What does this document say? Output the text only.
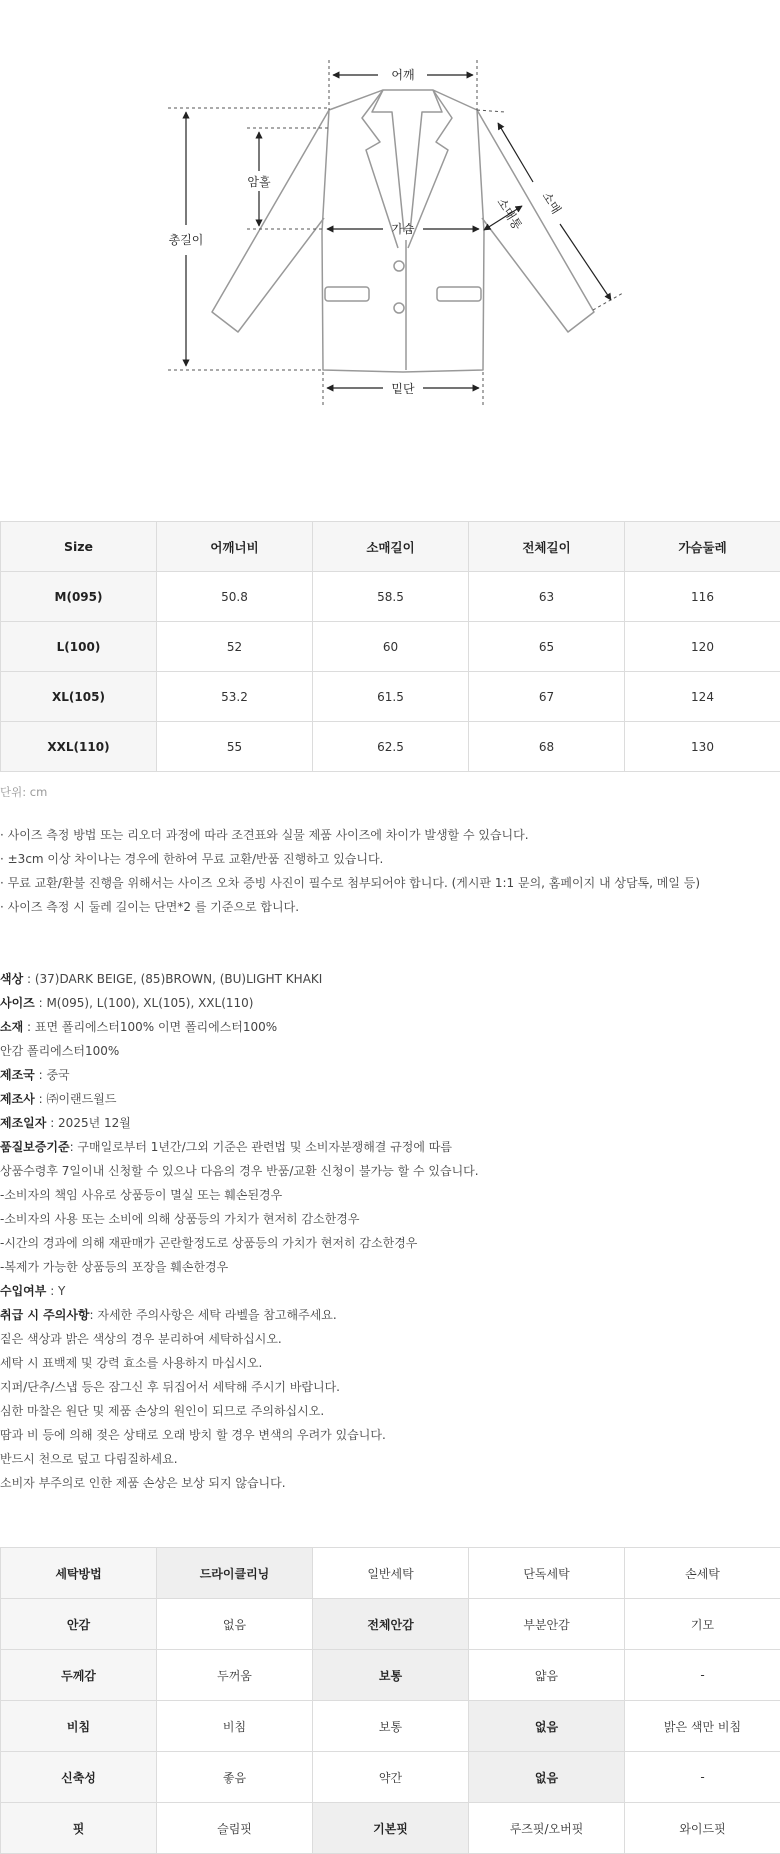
어깨
총길이
암홀
가슴
밑단
소매
소매통
Size	어깨너비	소매길이	전체길이	가슴둘레
M(095)	50.8	58.5	63	116
L(100)	52	60	65	120
XL(105)	53.2	61.5	67	124
XXL(110)	55	62.5	68	130
단위: cm
· 사이즈 측정 방법 또는 리오더 과정에 따라 조견표와 실물 제품 사이즈에 차이가 발생할 수 있습니다.
· ±3cm 이상 차이나는 경우에 한하여 무료 교환/반품 진행하고 있습니다.
· 무료 교환/환불 진행을 위해서는 사이즈 오차 증빙 사진이 필수로 첨부되어야 합니다. (게시판 1:1 문의, 홈페이지 내 상담톡, 메일 등)
· 사이즈 측정 시 둘레 길이는 단면*2 를 기준으로 합니다.
색상 : (37)DARK BEIGE, (85)BROWN, (BU)LIGHT KHAKI
사이즈 : M(095), L(100), XL(105), XXL(110)
소재 : 표면 폴리에스터100% 이면 폴리에스터100%
안감 폴리에스터100%
제조국 : 중국
제조사 : ㈜이랜드월드
제조일자 : 2025년 12월
품질보증기준: 구매일로부터 1년간/그외 기준은 관련법 및 소비자분쟁해결 규정에 따름
상품수령후 7일이내 신청할 수 있으나 다음의 경우 반품/교환 신청이 불가능 할 수 있습니다.
-소비자의 책임 사유로 상품등이 멸실 또는 훼손된경우
-소비자의 사용 또는 소비에 의해 상품등의 가치가 현저히 감소한경우
-시간의 경과에 의해 재판매가 곤란할정도로 상품등의 가치가 현저히 감소한경우
-복제가 가능한 상품등의 포장을 훼손한경우
수입여부 : Y
취급 시 주의사항: 자세한 주의사항은 세탁 라벨을 참고해주세요.
짙은 색상과 밝은 색상의 경우 분리하여 세탁하십시오.
세탁 시 표백제 및 강력 효소를 사용하지 마십시오.
지퍼/단추/스냅 등은 잠그신 후 뒤집어서 세탁해 주시기 바랍니다.
심한 마찰은 원단 및 제품 손상의 원인이 되므로 주의하십시오.
땀과 비 등에 의해 젖은 상태로 오래 방치 할 경우 변색의 우려가 있습니다.
반드시 천으로 덮고 다림질하세요.
소비자 부주의로 인한 제품 손상은 보상 되지 않습니다.
세탁방법	드라이클리닝	일반세탁	단독세탁	손세탁
안감	없음	전체안감	부분안감	기모
두께감	두꺼움	보통	얇음	-
비침	비침	보통	없음	밝은 색만 비침
신축성	좋음	약간	없음	-
핏	슬림핏	기본핏	루즈핏/오버핏	와이드핏
